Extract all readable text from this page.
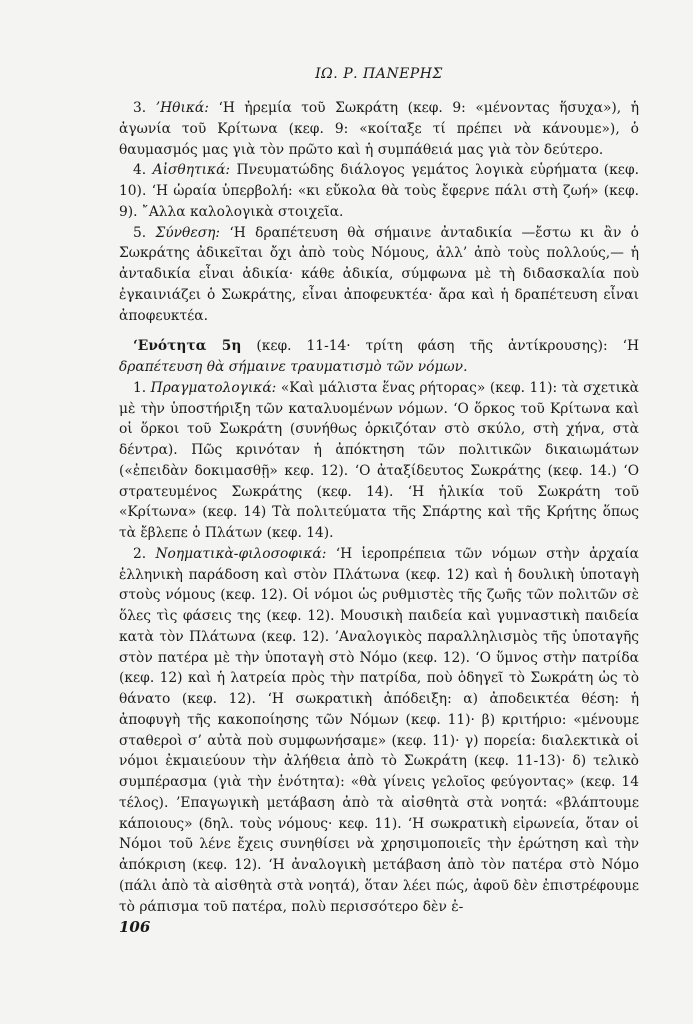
ΙΩ. Ρ. ΠΑΝΕΡΗΣ

3. ’Ηθικά: ‘Η ἠρεμία τοῦ Σωκράτη (κεφ. 9: «μένοντας ἥσυχα»), ἡ ἀγωνία τοῦ Κρίτωνα (κεφ. 9: «κοίταξε τί πρέπει νὰ κάνουμε»), ὁ θαυμασμός μας γιὰ τὸν πρῶτο καὶ ἡ συμπάθειά μας γιὰ τὸν δεύτερο.

4. Αἰσθητικά: Πνευματώδης διάλογος γεμάτος λογικὰ εὑρήματα (κεφ. 10). ‘Η ὡραία ὑπερβολή: «κι εὔκολα θὰ τοὺς ἔφερνε πάλι στὴ ζωή» (κεφ. 9). ῎Αλλα καλολογικὰ στοιχεῖα.

5. Σύνθεση: ‘Η δραπέτευση θὰ σήμαινε ἀνταδικία —ἔστω κι ἂν ὁ Σωκράτης ἀδικεῖται ὄχι ἀπὸ τοὺς Νόμους, ἀλλ’ ἀπὸ τοὺς πολλούς,— ἡ ἀνταδικία εἶναι ἀδικία· κάθε ἀδικία, σύμφωνα μὲ τὴ διδασκαλία ποὺ ἐγκαινιάζει ὁ Σωκράτης, εἶναι ἀποφευκτέα· ἄρα καὶ ἡ δραπέτευση εἶναι ἀποφευκτέα.

‘Ενότητα 5η (κεφ. 11-14· τρίτη φάση τῆς ἀντίκρουσης): ‘Η δραπέτευση θὰ σήμαινε τραυματισμὸ τῶν νόμων.

1. Πραγματολογικά: «Καὶ μάλιστα ἕνας ρήτορας» (κεφ. 11): τὰ σχετικὰ μὲ τὴν ὑποστήριξη τῶν καταλυομένων νόμων. ‘Ο ὅρκος τοῦ Κρίτωνα καὶ οἱ ὅρκοι τοῦ Σωκράτη (συνήθως ὁρκιζόταν στὸ σκύλο, στὴ χήνα, στὰ δέντρα). Πῶς κρινόταν ἡ ἀπόκτηση τῶν πολιτικῶν δικαιωμάτων («ἐπειδὰν δοκιμασθῇ» κεφ. 12). ‘Ο ἀταξίδευτος Σωκράτης (κεφ. 14.) ‘Ο στρατευμένος Σωκράτης (κεφ. 14). ‘Η ἡλικία τοῦ Σωκράτη τοῦ «Κρίτωνα» (κεφ. 14) Τὰ πολιτεύματα τῆς Σπάρτης καὶ τῆς Κρήτης ὅπως τὰ ἔβλεπε ὁ Πλάτων (κεφ. 14).

2. Νοηματικὰ-φιλοσοφικά: ‘Η ἱεροπρέπεια τῶν νόμων στὴν ἀρχαία ἑλληνικὴ παράδοση καὶ στὸν Πλάτωνα (κεφ. 12) καὶ ἡ δουλικὴ ὑποταγὴ στοὺς νόμους (κεφ. 12). Οἱ νόμοι ὡς ρυθμιστὲς τῆς ζωῆς τῶν πολιτῶν σὲ ὅλες τὶς φάσεις της (κεφ. 12). Μουσικὴ παιδεία καὶ γυμναστικὴ παιδεία κατὰ τὸν Πλάτωνα (κεφ. 12). ’Αναλογικὸς παραλληλισμὸς τῆς ὑποταγῆς στὸν πατέρα μὲ τὴν ὑποταγὴ στὸ Νόμο (κεφ. 12). ‘Ο ὕμνος στὴν πατρίδα (κεφ. 12) καὶ ἡ λατρεία πρὸς τὴν πατρίδα, ποὺ ὁδηγεῖ τὸ Σωκράτη ὡς τὸ θάνατο (κεφ. 12). ‘Η σωκρατικὴ ἀπόδειξη: α) ἀποδεικτέα θέση: ἡ ἀποφυγὴ τῆς κακοποίησης τῶν Νόμων (κεφ. 11)· β) κριτήριο: «μένουμε σταθεροὶ σ’ αὐτὰ ποὺ συμφωνήσαμε» (κεφ. 11)· γ) πορεία: διαλεκτικὰ οἱ νόμοι ἐκμαιεύουν τὴν ἀλήθεια ἀπὸ τὸ Σωκράτη (κεφ. 11-13)· δ) τελικὸ συμπέρασμα (γιὰ τὴν ἑνότητα): «θὰ γίνεις γελοῖος φεύγοντας» (κεφ. 14 τέλος). ’Επαγωγικὴ μετάβαση ἀπὸ τὰ αἰσθητὰ στὰ νοητά: «βλάπτουμε κάποιους» (δηλ. τοὺς νόμους· κεφ. 11). ‘Η σωκρατικὴ εἰρωνεία, ὅταν οἱ Νόμοι τοῦ λένε ἔχεις συνηθίσει νὰ χρησιμοποιεῖς τὴν ἐρώτηση καὶ τὴν ἀπόκριση (κεφ. 12). ‘Η ἀναλογικὴ μετάβαση ἀπὸ τὸν πατέρα στὸ Νόμο (πάλι ἀπὸ τὰ αἰσθητὰ στὰ νοητά), ὅταν λέει πώς, ἀφοῦ δὲν ἐπιστρέφουμε τὸ ράπισμα τοῦ πατέρα, πολὺ περισσότερο δὲν ἐ-

106
